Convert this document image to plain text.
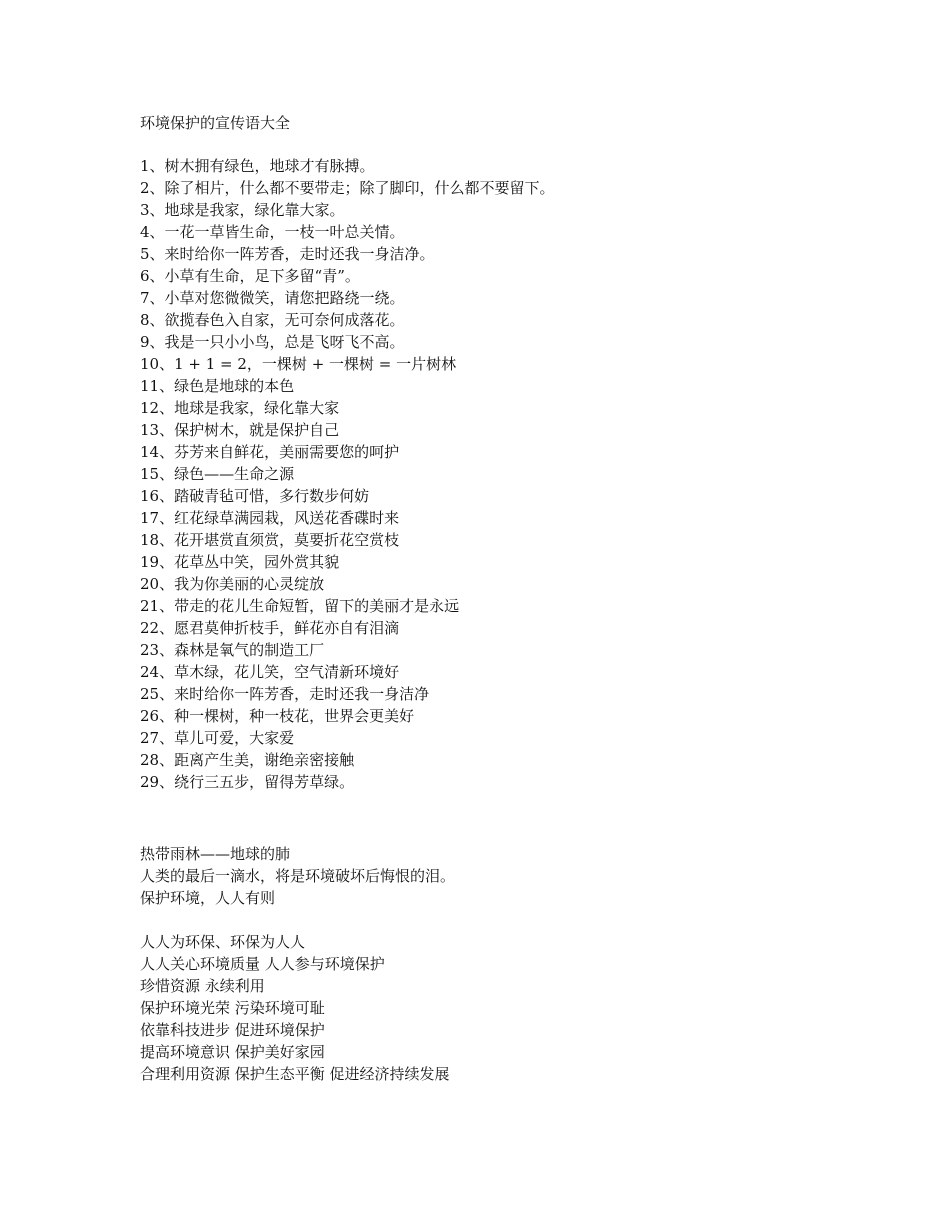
环境保护的宣传语大全
1、树木拥有绿色，地球才有脉搏。
2、除了相片，什么都不要带走；除了脚印，什么都不要留下。
3、地球是我家，绿化靠大家。
4、一花一草皆生命，一枝一叶总关情。
5、来时给你一阵芳香，走时还我一身洁净。
6、小草有生命，足下多留“青”。
7、小草对您微微笑，请您把路绕一绕。
8、欲揽春色入自家，无可奈何成落花。
9、我是一只小小鸟，总是飞呀飞不高。
10、1 + 1 = 2，一棵树 + 一棵树 = 一片树林
11、绿色是地球的本色
12、地球是我家，绿化靠大家
13、保护树木，就是保护自己
14、芬芳来自鲜花，美丽需要您的呵护
15、绿色——生命之源
16、踏破青毡可惜，多行数步何妨
17、红花绿草满园栽，风送花香碟时来
18、花开堪赏直须赏，莫要折花空赏枝
19、花草丛中笑，园外赏其貌
20、我为你美丽的心灵绽放
21、带走的花儿生命短暂，留下的美丽才是永远
22、愿君莫伸折枝手，鲜花亦自有泪滴
23、森林是氧气的制造工厂
24、草木绿，花儿笑，空气清新环境好
25、来时给你一阵芳香，走时还我一身洁净
26、种一棵树，种一枝花，世界会更美好
27、草儿可爱，大家爱
28、距离产生美，谢绝亲密接触
29、绕行三五步，留得芳草绿。
热带雨林——地球的肺
人类的最后一滴水，将是环境破坏后悔恨的泪。
保护环境，人人有则
人人为环保、环保为人人
人人关心环境质量 人人参与环境保护
珍惜资源 永续利用
保护环境光荣 污染环境可耻
依靠科技进步 促进环境保护
提高环境意识 保护美好家园
合理利用资源 保护生态平衡 促进经济持续发展
